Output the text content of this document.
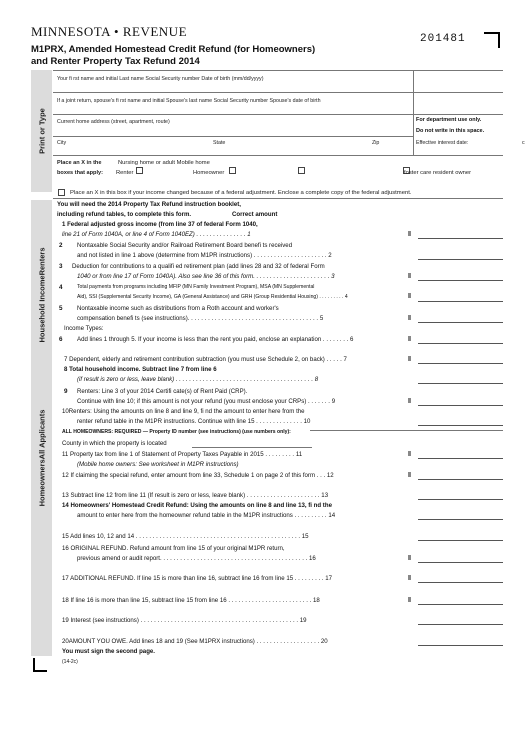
MINNESOTA • REVENUE	201481
M1PRX, Amended Homestead Credit Refund (for Homeowners)
and Renter Property Tax Refund 2014
Print or Type
Household IncomeRenters
HomeownersAll Applicants
Your fi rst name and initial Last name Social Security number Date of birth (mm/dd/yyyy)
If a joint return, spouse's fi rst name and initial Spouse's last name Social Security number Spouse's date of birth
Current home address (street, apartment, route)
City	State	Zip
For department use only.
Do not write in this space.
Effective interest date:	c
Place an X in the
boxes that apply:
Nursing home or adult Mobile home
Renter	Homeowner	foster care resident owner
Place an X in this box if your income changed because of a federal adjustment. Enclose a complete copy of the federal adjustment.
You will need the 2014 Property Tax Refund instruction booklet,
including refund tables, to complete this form.	Correct amount
1 Federal adjusted gross income (from line 37 of federal Form 1040,
line 21 of Form 1040A, or line 4 of Form 1040EZ) . . . . . . . . . . . . . . . 1
2 Nontaxable Social Security and/or Railroad Retirement Board benefi ts received
and not listed in line 1 above (determine from M1PR instructions) . . . . . . . . . . . . . . . . . . . . . . 2
3 Deduction for contributions to a qualifi ed retirement plan (add lines 28 and 32 of federal Form
1040 or from line 17 of Form 1040A). Also see line 36 of this form. . . . . . . . . . . . . . . . . . . . . . . 3
4	Total payments from programs including MFIP (MN Family Investment Program), MSA (MN Supplemental
Aid), SSI (Supplemental Security Income), GA (General Assistance) and GRH (Group Residential Housing) . . . . . . . . . 4
5 Nontaxable income such as distributions from a Roth account and worker's
compensation benefi ts (see instructions). . . . . . . . . . . . . . . . . . . . . . . . . . . . . . . . . . . . . . . 5
Income Types:
6 Add lines 1 through 5. If your income is less than the rent you paid, enclose an explanation . . . . . . . . 6
7 Dependent, elderly and retirement contribution subtraction (you must use Schedule 2, on back) . . . . . 7
8 Total household income. Subtract line 7 from line 6
(if result is zero or less, leave blank) . . . . . . . . . . . . . . . . . . . . . . . . . . . . . . . . . . . . . . . . . 8
9 Renters: Line 3 of your 2014 Certifi cate(s) of Rent Paid (CRP).
Continue with line 10; if this amount is not your refund (you must enclose your CRPs) . . . . . . . 9
10Renters: Using the amounts on line 8 and line 9, fi nd the amount to enter here from the
renter refund table in the M1PR instructions. Continue with line 15 . . . . . . . . . . . . . . 10
ALL HOMEOWNERS: REQUIRED — Property ID number (see instructions) (use numbers only):
County in which the property is located
11 Property tax from line 1 of Statement of Property Taxes Payable in 2015 . . . . . . . . . 11
(Mobile home owners: See worksheet in M1PR instructions)
12 If claiming the special refund, enter amount from line 33, Schedule 1 on page 2 of this form . . . 12
13 Subtract line 12 from line 11 (If result is zero or less, leave blank) . . . . . . . . . . . . . . . . . . . . . . 13
14 Homeowners' Homestead Credit Refund: Using the amounts on line 8 and line 13, fi nd the
amount to enter here from the homeowner refund table in the M1PR instructions . . . . . . . . . . 14
15 Add lines 10, 12 and 14 . . . . . . . . . . . . . . . . . . . . . . . . . . . . . . . . . . . . . . . . . . . . . . . . . 15
16 ORIGINAL REFUND. Refund amount from line 15 of your original M1PR return,
previous amend or audit report. . . . . . . . . . . . . . . . . . . . . . . . . . . . . . . . . . . . . . . . . . . . 16
17 ADDITIONAL REFUND. If line 15 is more than line 16, subtract line 16 from line 15 . . . . . . . . . 17
18 If line 16 is more than line 15, subtract line 15 from line 16 . . . . . . . . . . . . . . . . . . . . . . . . . 18
19 Interest (see instructions) . . . . . . . . . . . . . . . . . . . . . . . . . . . . . . . . . . . . . . . . . . . . . . . 19
20AMOUNT YOU OWE. Add lines 18 and 19 (See M1PRX instructions) . . . . . . . . . . . . . . . . . . . 20
You must sign the second page.
(14-2c)
